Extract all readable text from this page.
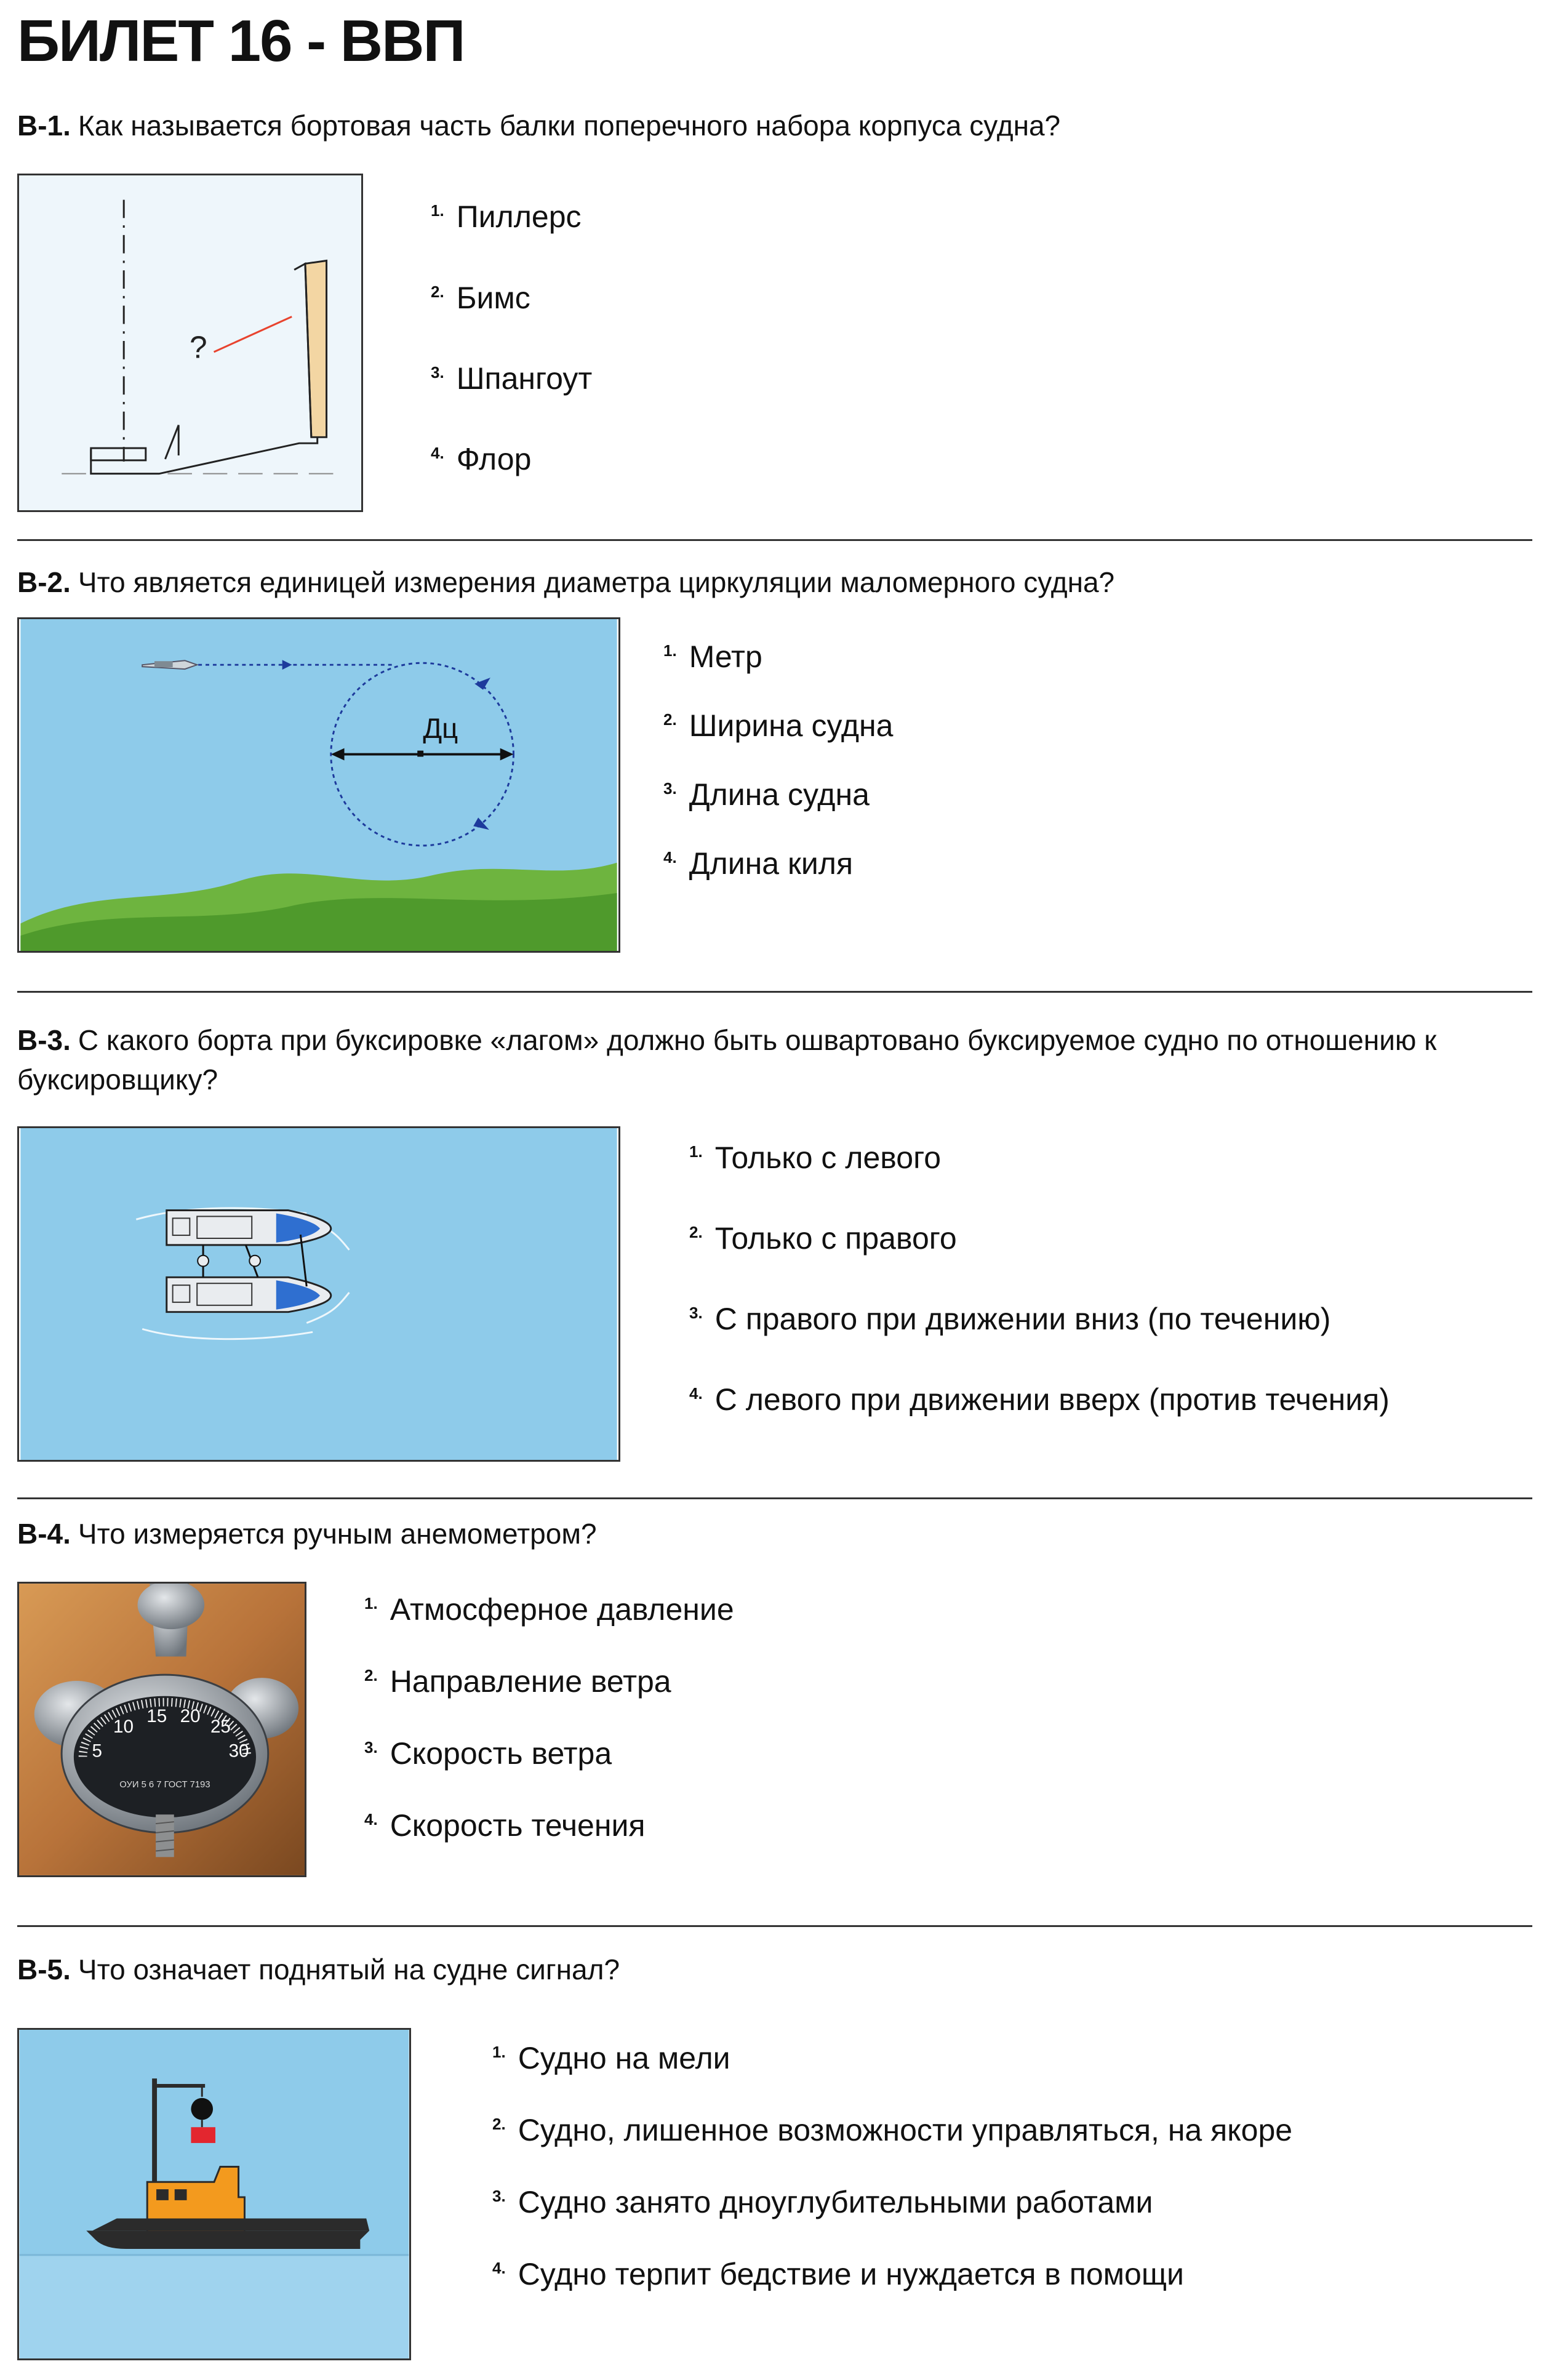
БИЛЕТ 16 - ВВП
В-1. Как называется бортовая часть балки поперечного набора корпуса судна?
?
$^{1.}$ Пиллерс
$^{2.}$ Бимс
$^{3.}$ Шпангоут
$^{4.}$ Флор
В-2. Что является единицей измерения диаметра циркуляции маломерного судна?
Дц
$^{1.}$ Метр
$^{2.}$ Ширина судна
$^{3.}$ Длина судна
$^{4.}$ Длина киля
В-3. С какого борта при буксировке «лагом» должно быть ошвартовано буксируемое судно по отношению к буксировщику?
$^{1.}$ Только с левого
$^{2.}$ Только с правого
$^{3.}$ С правого при движении вниз (по течению)
$^{4.}$ С левого при движении вверх (против течения)
В-4. Что измеряется ручным анемометром?
5
10
15 20
25
30
ОУИ 5 6 7 ГОСТ 7193
$^{1.}$ Атмосферное давление
$^{2.}$ Направление ветра
$^{3.}$ Скорость ветра
$^{4.}$ Скорость течения
В-5. Что означает поднятый на судне сигнал?
$^{1.}$ Судно на мели
$^{2.}$ Судно, лишенное возможности управляться, на якоре
$^{3.}$ Судно занято дноуглубительными работами
$^{4.}$ Судно терпит бедствие и нуждается в помощи
